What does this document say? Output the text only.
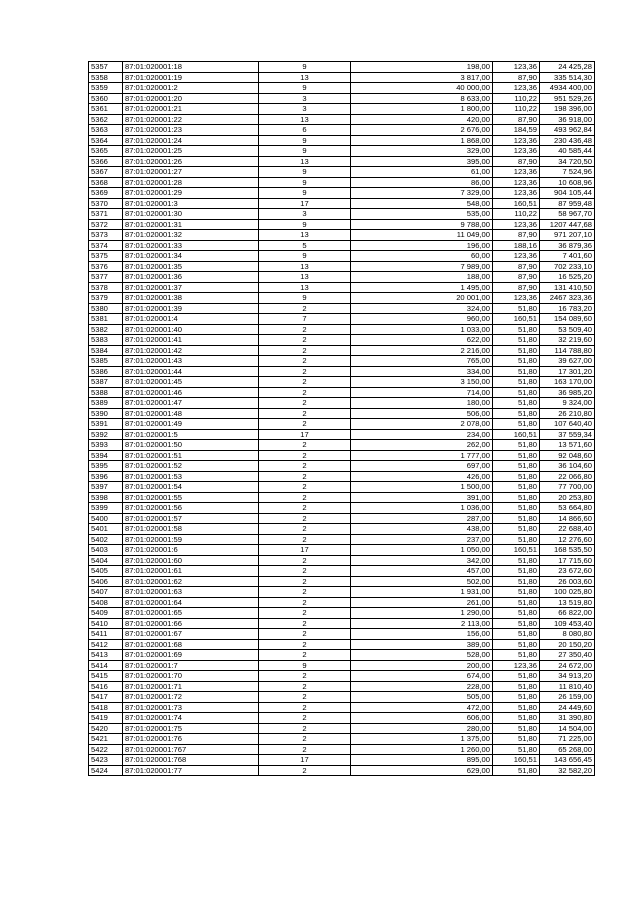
5357	87:01:020001:18	9	198,00	123,36	24 425,28
5358	87:01:020001:19	13	3 817,00	87,90	335 514,30
5359	87:01:020001:2	9	40 000,00	123,36	4934 400,00
5360	87:01:020001:20	3	8 633,00	110,22	951 529,26
5361	87:01:020001:21	3	1 800,00	110,22	198 396,00
5362	87:01:020001:22	13	420,00	87,90	36 918,00
5363	87:01:020001:23	6	2 676,00	184,59	493 962,84
5364	87:01:020001:24	9	1 868,00	123,36	230 436,48
5365	87:01:020001:25	9	329,00	123,36	40 585,44
5366	87:01:020001:26	13	395,00	87,90	34 720,50
5367	87:01:020001:27	9	61,00	123,36	7 524,96
5368	87:01:020001:28	9	86,00	123,36	10 608,96
5369	87:01:020001:29	9	7 329,00	123,36	904 105,44
5370	87:01:020001:3	17	548,00	160,51	87 959,48
5371	87:01:020001:30	3	535,00	110,22	58 967,70
5372	87:01:020001:31	9	9 788,00	123,36	1207 447,68
5373	87:01:020001:32	13	11 049,00	87,90	971 207,10
5374	87:01:020001:33	5	196,00	188,16	36 879,36
5375	87:01:020001:34	9	60,00	123,36	7 401,60
5376	87:01:020001:35	13	7 989,00	87,90	702 233,10
5377	87:01:020001:36	13	188,00	87,90	16 525,20
5378	87:01:020001:37	13	1 495,00	87,90	131 410,50
5379	87:01:020001:38	9	20 001,00	123,36	2467 323,36
5380	87:01:020001:39	2	324,00	51,80	16 783,20
5381	87:01:020001:4	7	960,00	160,51	154 089,60
5382	87:01:020001:40	2	1 033,00	51,80	53 509,40
5383	87:01:020001:41	2	622,00	51,80	32 219,60
5384	87:01:020001:42	2	2 216,00	51,80	114 788,80
5385	87:01:020001:43	2	765,00	51,80	39 627,00
5386	87:01:020001:44	2	334,00	51,80	17 301,20
5387	87:01:020001:45	2	3 150,00	51,80	163 170,00
5388	87:01:020001:46	2	714,00	51,80	36 985,20
5389	87:01:020001:47	2	180,00	51,80	9 324,00
5390	87:01:020001:48	2	506,00	51,80	26 210,80
5391	87:01:020001:49	2	2 078,00	51,80	107 640,40
5392	87:01:020001:5	17	234,00	160,51	37 559,34
5393	87:01:020001:50	2	262,00	51,80	13 571,60
5394	87:01:020001:51	2	1 777,00	51,80	92 048,60
5395	87:01:020001:52	2	697,00	51,80	36 104,60
5396	87:01:020001:53	2	426,00	51,80	22 066,80
5397	87:01:020001:54	2	1 500,00	51,80	77 700,00
5398	87:01:020001:55	2	391,00	51,80	20 253,80
5399	87:01:020001:56	2	1 036,00	51,80	53 664,80
5400	87:01:020001:57	2	287,00	51,80	14 866,60
5401	87:01:020001:58	2	438,00	51,80	22 688,40
5402	87:01:020001:59	2	237,00	51,80	12 276,60
5403	87:01:020001:6	17	1 050,00	160,51	168 535,50
5404	87:01:020001:60	2	342,00	51,80	17 715,60
5405	87:01:020001:61	2	457,00	51,80	23 672,60
5406	87:01:020001:62	2	502,00	51,80	26 003,60
5407	87:01:020001:63	2	1 931,00	51,80	100 025,80
5408	87:01:020001:64	2	261,00	51,80	13 519,80
5409	87:01:020001:65	2	1 290,00	51,80	66 822,00
5410	87:01:020001:66	2	2 113,00	51,80	109 453,40
5411	87:01:020001:67	2	156,00	51,80	8 080,80
5412	87:01:020001:68	2	389,00	51,80	20 150,20
5413	87:01:020001:69	2	528,00	51,80	27 350,40
5414	87:01:020001:7	9	200,00	123,36	24 672,00
5415	87:01:020001:70	2	674,00	51,80	34 913,20
5416	87:01:020001:71	2	228,00	51,80	11 810,40
5417	87:01:020001:72	2	505,00	51,80	26 159,00
5418	87:01:020001:73	2	472,00	51,80	24 449,60
5419	87:01:020001:74	2	606,00	51,80	31 390,80
5420	87:01:020001:75	2	280,00	51,80	14 504,00
5421	87:01:020001:76	2	1 375,00	51,80	71 225,00
5422	87:01:020001:767	2	1 260,00	51,80	65 268,00
5423	87:01:020001:768	17	895,00	160,51	143 656,45
5424	87:01:020001:77	2	629,00	51,80	32 582,20
